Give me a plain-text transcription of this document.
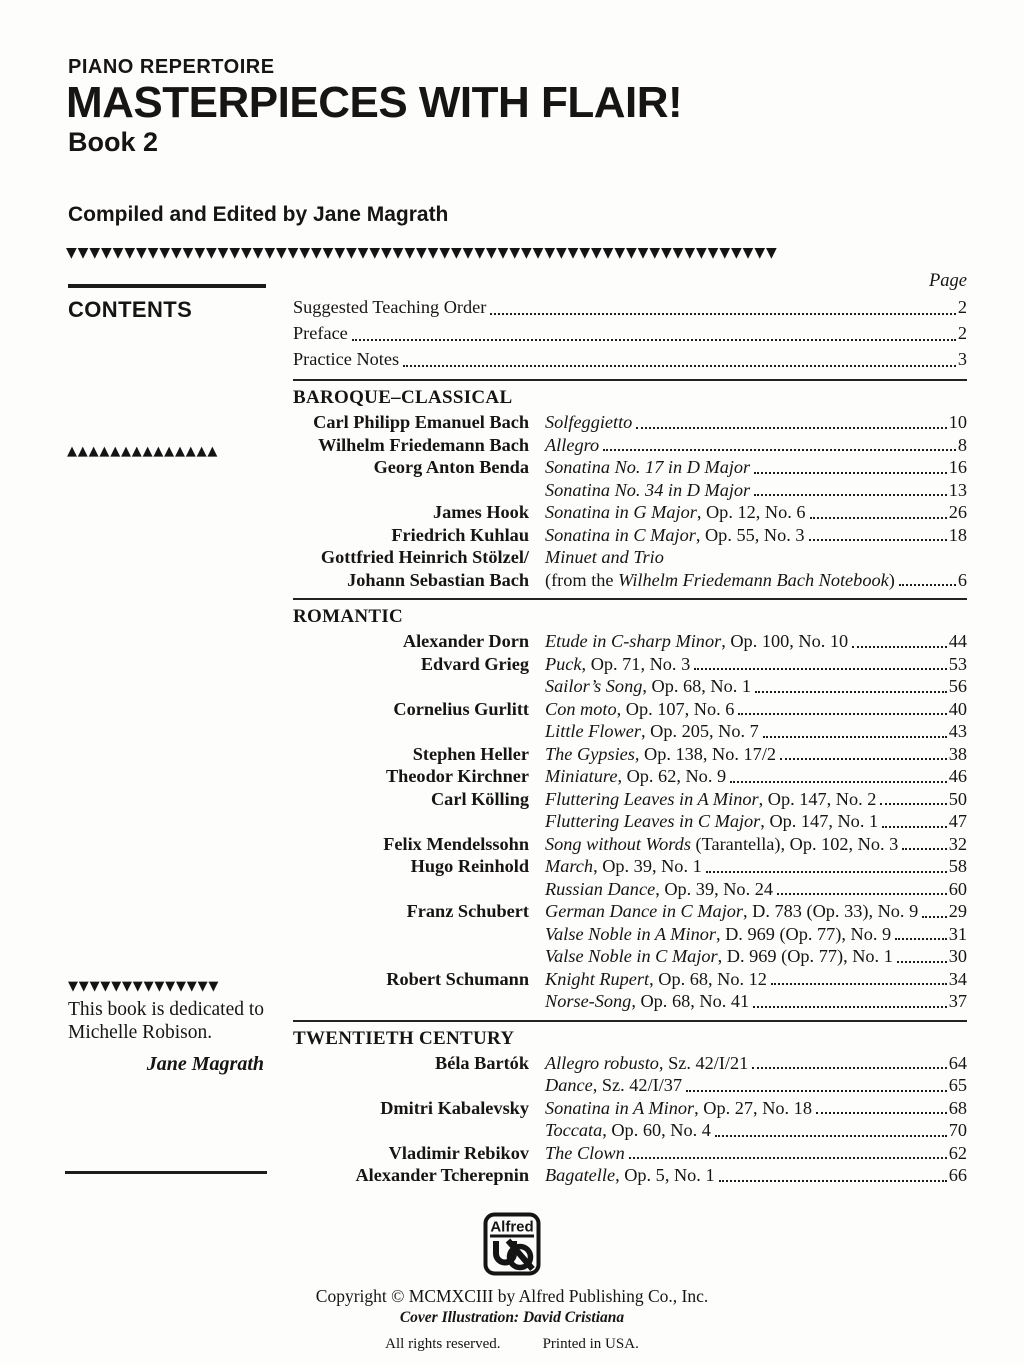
PIANO REPERTOIRE
MASTERPIECES WITH FLAIR!
Book 2
Compiled and Edited by Jane Magrath
▼▼▼▼▼▼▼▼▼▼▼▼▼▼▼▼▼▼▼▼▼▼▼▼▼▼▼▼▼▼▼▼▼▼▼▼▼▼▼▼▼▼▼▼▼▼▼▼▼▼▼▼▼▼▼▼▼▼▼▼▼
▲▲▲▲▲▲▲▲▲▲▲▲▲▲
CONTENTS
▼▼▼▼▼▼▼▼▼▼▼▼▼▼
This book is dedicated to
Michelle Robison.
Jane Magrath
Page
Suggested Teaching Order	2
Preface	2
Practice Notes	3
BAROQUE–CLASSICAL
Carl Philipp Emanuel Bach Solfeggietto	10
Wilhelm Friedemann Bach Allegro	8
Georg Anton Benda Sonatina No. 17 in D Major	16
Sonatina No. 34 in D Major	13
James Hook Sonatina in G Major, Op. 12, No. 6	26
Friedrich Kuhlau Sonatina in C Major, Op. 55, No. 3	18
Gottfried Heinrich Stölzel/
Johann Sebastian Bach
Minuet and Trio
(from the Wilhelm Friedemann Bach Notebook)	6
ROMANTIC
Alexander Dorn Etude in C-sharp Minor, Op. 100, No. 10	44
Edvard Grieg Puck, Op. 71, No. 3	53
Sailor’s Song, Op. 68, No. 1	56
Cornelius Gurlitt Con moto, Op. 107, No. 6	40
Little Flower, Op. 205, No. 7	43
Stephen Heller The Gypsies, Op. 138, No. 17/2	38
Theodor Kirchner Miniature, Op. 62, No. 9	46
Carl Kölling Fluttering Leaves in A Minor, Op. 147, No. 2	50
Fluttering Leaves in C Major, Op. 147, No. 1	47
Felix Mendelssohn Song without Words (Tarantella), Op. 102, No. 3	32
Hugo Reinhold March, Op. 39, No. 1	58
Russian Dance, Op. 39, No. 24	60
Franz Schubert German Dance in C Major, D. 783 (Op. 33), No. 9 29
Valse Noble in A Minor, D. 969 (Op. 77), No. 9	31
Valse Noble in C Major, D. 969 (Op. 77), No. 1	30
Robert Schumann Knight Rupert, Op. 68, No. 12	34
Norse-Song, Op. 68, No. 41	37
TWENTIETH CENTURY
Béla Bartók Allegro robusto, Sz. 42/I/21	64
Dance, Sz. 42/I/37	65
Dmitri Kabalevsky Sonatina in A Minor, Op. 27, No. 18	68
Toccata, Op. 60, No. 4	70
Vladimir Rebikov The Clown	62
Alexander Tcherepnin Bagatelle, Op. 5, No. 1	66
Alfred
Copyright © MCMXCIII by Alfred Publishing Co., Inc.
Cover Illustration: David Cristiana
All rights reserved.	Printed in USA.
